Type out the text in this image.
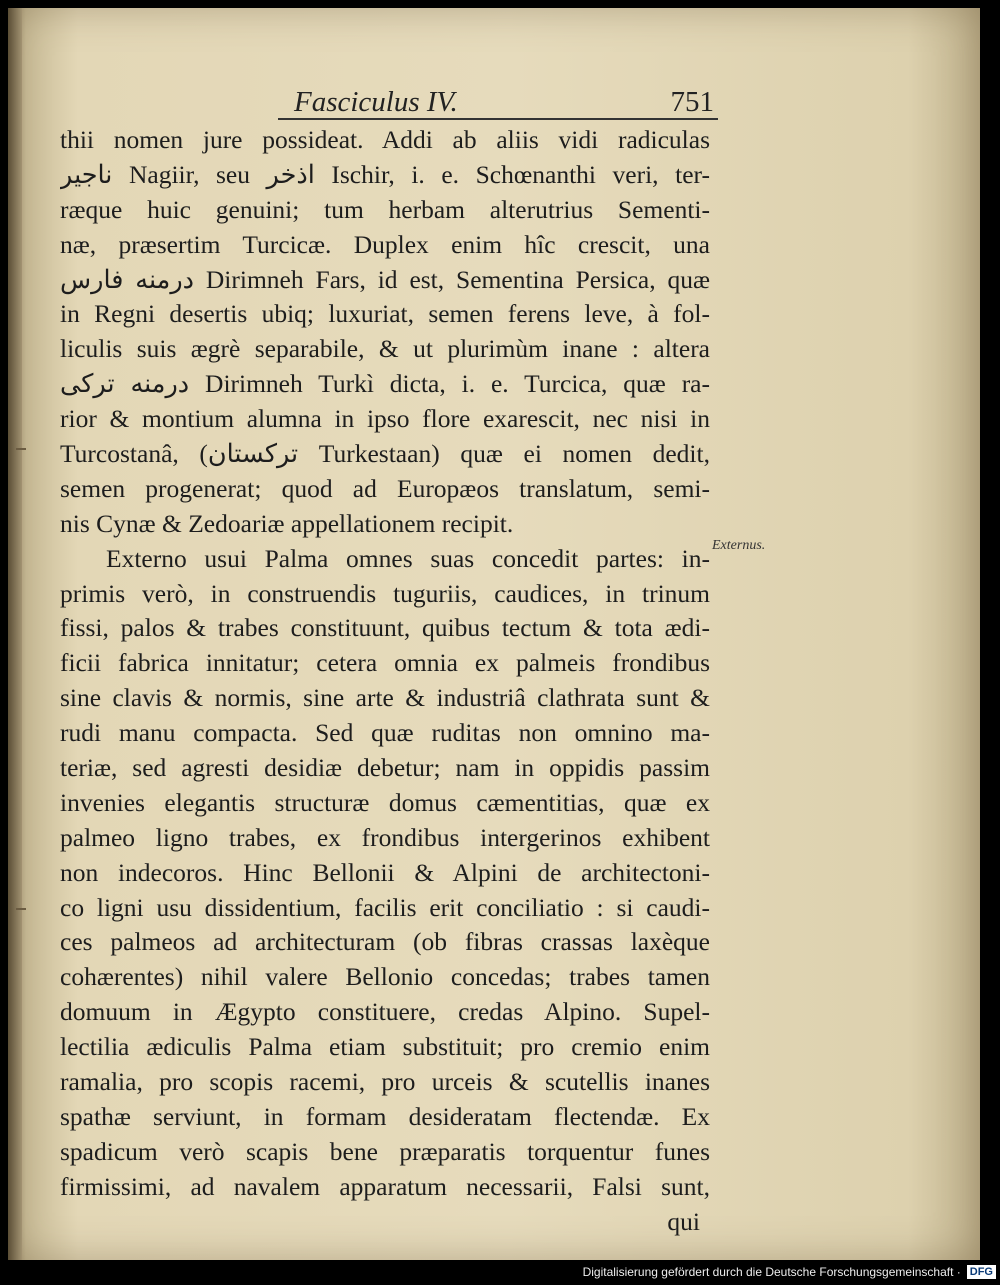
Fasciculus IV.	751
thii nomen jure possideat. Addi ab aliis vidi radiculas
ناجیر Nagiir, seu اذخر Ischir, i. e. Schœnanthi veri, ter-
ræque huic genuini; tum herbam alterutrius Sementi-
næ, præsertim Turcicæ. Duplex enim hîc crescit, una
درمنه فارس Dirimneh Fars, id est, Sementina Persica, quæ
in Regni desertis ubiq; luxuriat, semen ferens leve, à fol-
liculis suis ægrè separabile, & ut plurimùm inane : altera
درمنه ترکی Dirimneh Turkì dicta, i. e. Turcica, quæ ra-
rior & montium alumna in ipso flore exarescit, nec nisi in
Turcostanâ, (ترکستان Turkestaan) quæ ei nomen dedit,
semen progenerat; quod ad Europæos translatum, semi-
nis Cynæ & Zedoariæ appellationem recipit.
Externo usui Palma omnes suas concedit partes: in-
primis verò, in construendis tuguriis, caudices, in trinum
fissi, palos & trabes constituunt, quibus tectum & tota ædi-
ficii fabrica innitatur; cetera omnia ex palmeis frondibus
sine clavis & normis, sine arte & industriâ clathrata sunt &
rudi manu compacta. Sed quæ ruditas non omnino ma-
teriæ, sed agresti desidiæ debetur; nam in oppidis passim
invenies elegantis structuræ domus cæmentitias, quæ ex
palmeo ligno trabes, ex frondibus intergerinos exhibent
non indecoros. Hinc Bellonii & Alpini de architectoni-
co ligni usu dissidentium, facilis erit conciliatio : si caudi-
ces palmeos ad architecturam (ob fibras crassas laxèque
cohærentes) nihil valere Bellonio concedas; trabes tamen
domuum in Ægypto constituere, credas Alpino. Supel-
lectilia ædiculis Palma etiam substituit; pro cremio enim
ramalia, pro scopis racemi, pro urceis & scutellis inanes
spathæ serviunt, in formam desideratam flectendæ. Ex
spadicum verò scapis bene præparatis torquentur funes
firmissimi, ad navalem apparatum necessarii, Falsi sunt,
qui
Externus.
Digitalisierung gefördert durch die Deutsche Forschungsgemeinschaft · DFG
